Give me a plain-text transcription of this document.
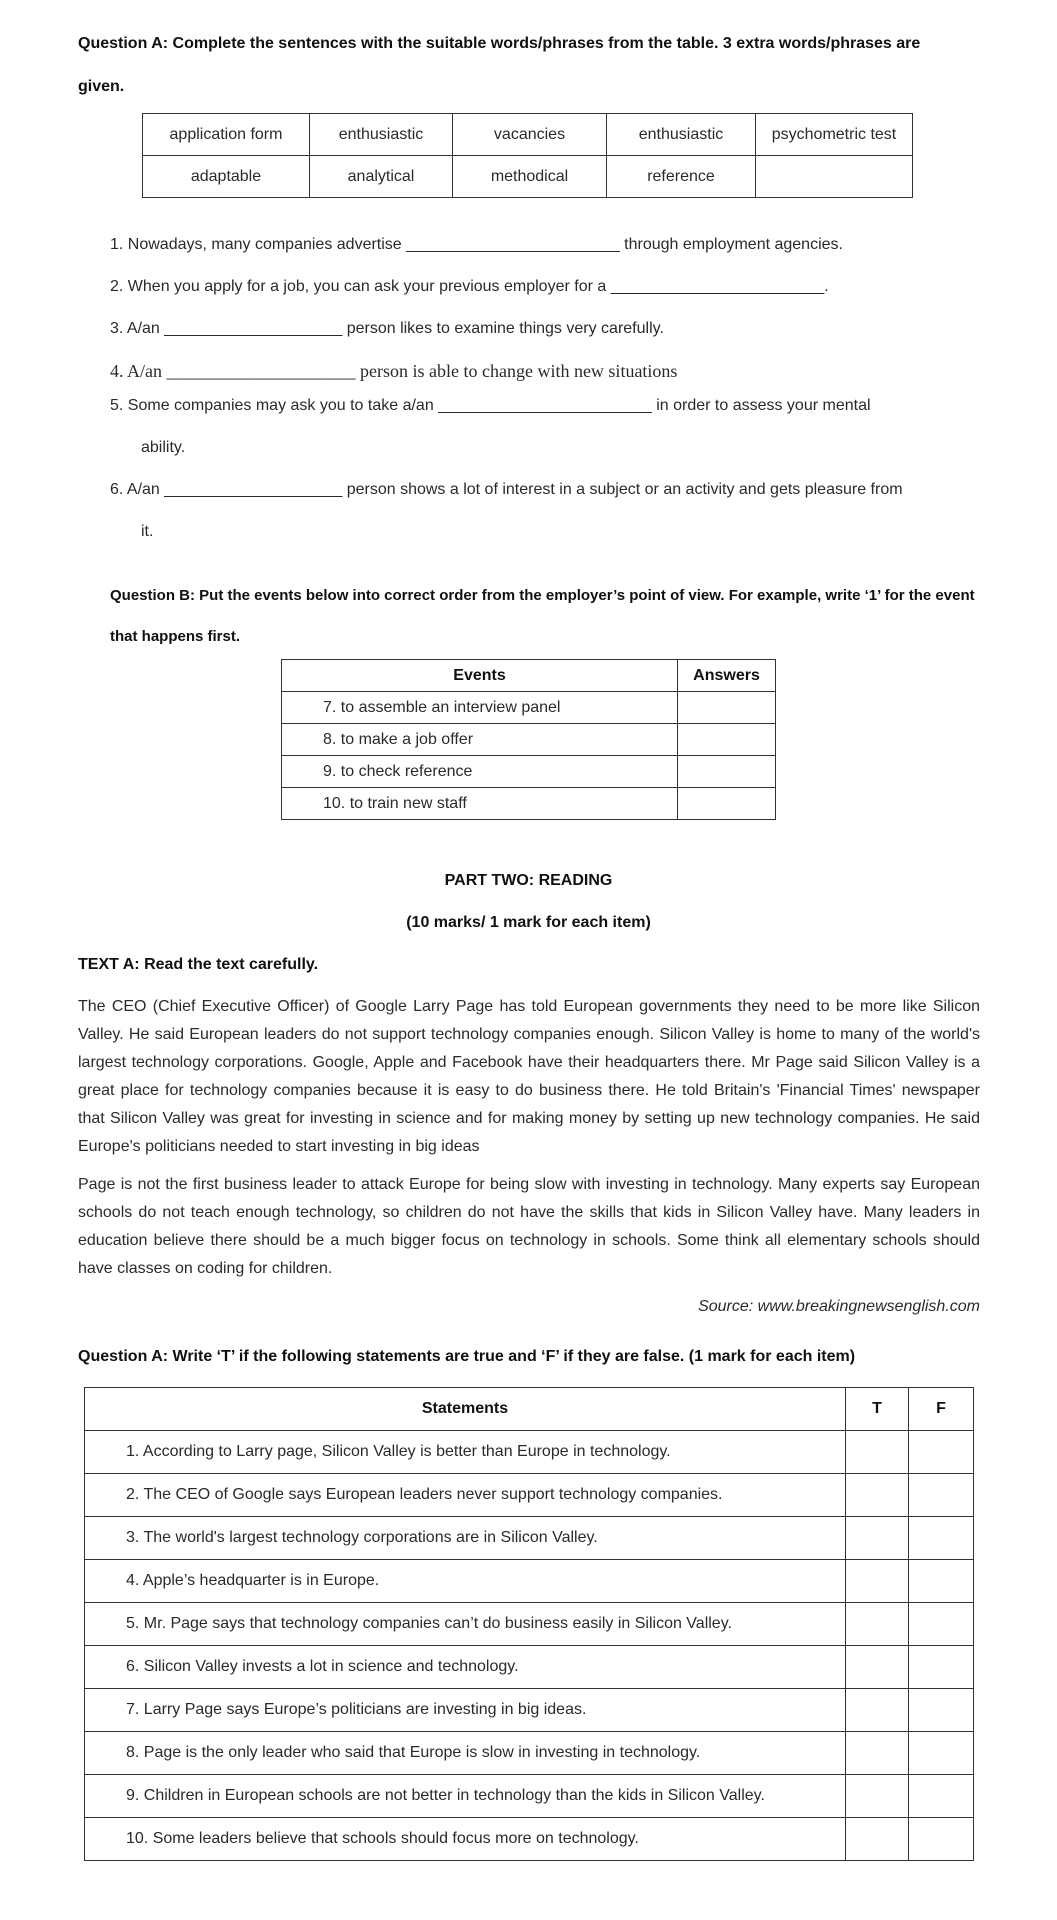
Question A: Complete the sentences with the suitable words/phrases from the table. 3 extra words/phrases are
given.
application form	enthusiastic	vacancies	enthusiastic	psychometric test
adaptable	analytical	methodical	reference	
1. Nowadays, many companies advertise ________________________ through employment agencies.
2. When you apply for a job, you can ask your previous employer for a ________________________.
3. A/an ____________________ person likes to examine things very carefully.
4. A/an _____________________ person is able to change with new situations
5. Some companies may ask you to take a/an ________________________ in order to assess your mental
ability.
6. A/an ____________________ person shows a lot of interest in a subject or an activity and gets pleasure from
it.
Question B: Put the events below into correct order from the employer’s point of view. For example, write ‘1’ for the event
that happens first.
Events	Answers
7. to assemble an interview panel	
8. to make a job offer	
9. to check reference	
10. to train new staff	
PART TWO: READING
(10 marks/ 1 mark for each item)
TEXT A: Read the text carefully.
The CEO (Chief Executive Officer) of Google Larry Page has told European governments they need to be more like Silicon Valley. He said European leaders do not support technology companies enough. Silicon Valley is home to many of the world's largest technology corporations. Google, Apple and Facebook have their headquarters there. Mr Page said Silicon Valley is a great place for technology companies because it is easy to do business there. He told Britain's 'Financial Times' newspaper that Silicon Valley was great for investing in science and for making money by setting up new technology companies. He said Europe's politicians needed to start investing in big ideas
Page is not the first business leader to attack Europe for being slow with investing in technology. Many experts say European schools do not teach enough technology, so children do not have the skills that kids in Silicon Valley have. Many leaders in education believe there should be a much bigger focus on technology in schools. Some think all elementary schools should have classes on coding for children.
Source: www.breakingnewsenglish.com
Question A: Write ‘T’ if the following statements are true and ‘F’ if they are false. (1 mark for each item)
Statements	T	F
1. According to Larry page, Silicon Valley is better than Europe in technology.		
2. The CEO of Google says European leaders never support technology companies.		
3. The world's largest technology corporations are in Silicon Valley.		
4. Apple’s headquarter is in Europe.		
5. Mr. Page says that technology companies can’t do business easily in Silicon Valley.		
6. Silicon Valley invests a lot in science and technology.		
7. Larry Page says Europe’s politicians are investing in big ideas.		
8. Page is the only leader who said that Europe is slow in investing in technology.		
9. Children in European schools are not better in technology than the kids in Silicon Valley.		
10. Some leaders believe that schools should focus more on technology.		
